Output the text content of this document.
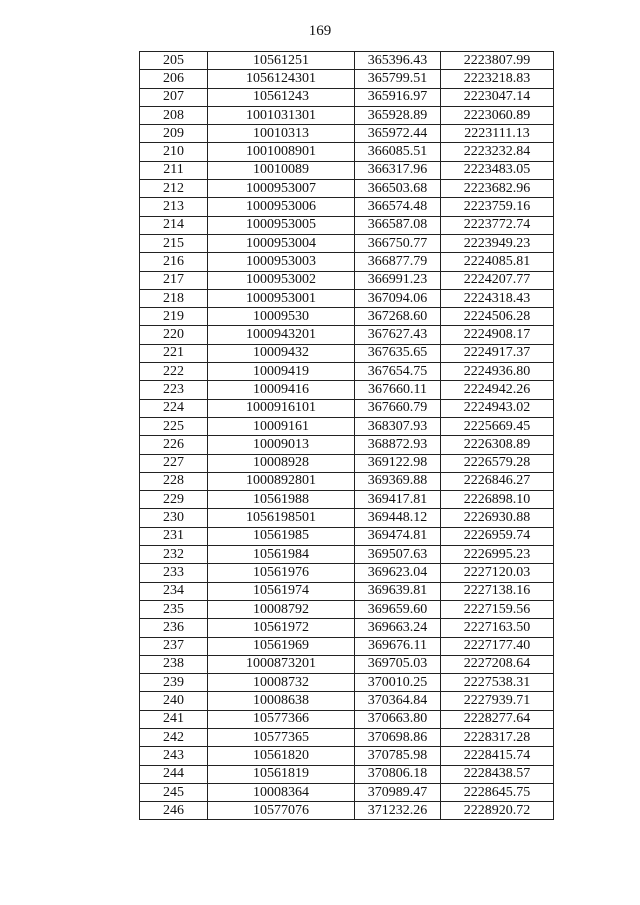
169
205	10561251	365396.43	2223807.99
206	1056124301	365799.51	2223218.83
207	10561243	365916.97	2223047.14
208	1001031301	365928.89	2223060.89
209	10010313	365972.44	2223111.13
210	1001008901	366085.51	2223232.84
211	10010089	366317.96	2223483.05
212	1000953007	366503.68	2223682.96
213	1000953006	366574.48	2223759.16
214	1000953005	366587.08	2223772.74
215	1000953004	366750.77	2223949.23
216	1000953003	366877.79	2224085.81
217	1000953002	366991.23	2224207.77
218	1000953001	367094.06	2224318.43
219	10009530	367268.60	2224506.28
220	1000943201	367627.43	2224908.17
221	10009432	367635.65	2224917.37
222	10009419	367654.75	2224936.80
223	10009416	367660.11	2224942.26
224	1000916101	367660.79	2224943.02
225	10009161	368307.93	2225669.45
226	10009013	368872.93	2226308.89
227	10008928	369122.98	2226579.28
228	1000892801	369369.88	2226846.27
229	10561988	369417.81	2226898.10
230	1056198501	369448.12	2226930.88
231	10561985	369474.81	2226959.74
232	10561984	369507.63	2226995.23
233	10561976	369623.04	2227120.03
234	10561974	369639.81	2227138.16
235	10008792	369659.60	2227159.56
236	10561972	369663.24	2227163.50
237	10561969	369676.11	2227177.40
238	1000873201	369705.03	2227208.64
239	10008732	370010.25	2227538.31
240	10008638	370364.84	2227939.71
241	10577366	370663.80	2228277.64
242	10577365	370698.86	2228317.28
243	10561820	370785.98	2228415.74
244	10561819	370806.18	2228438.57
245	10008364	370989.47	2228645.75
246	10577076	371232.26	2228920.72
